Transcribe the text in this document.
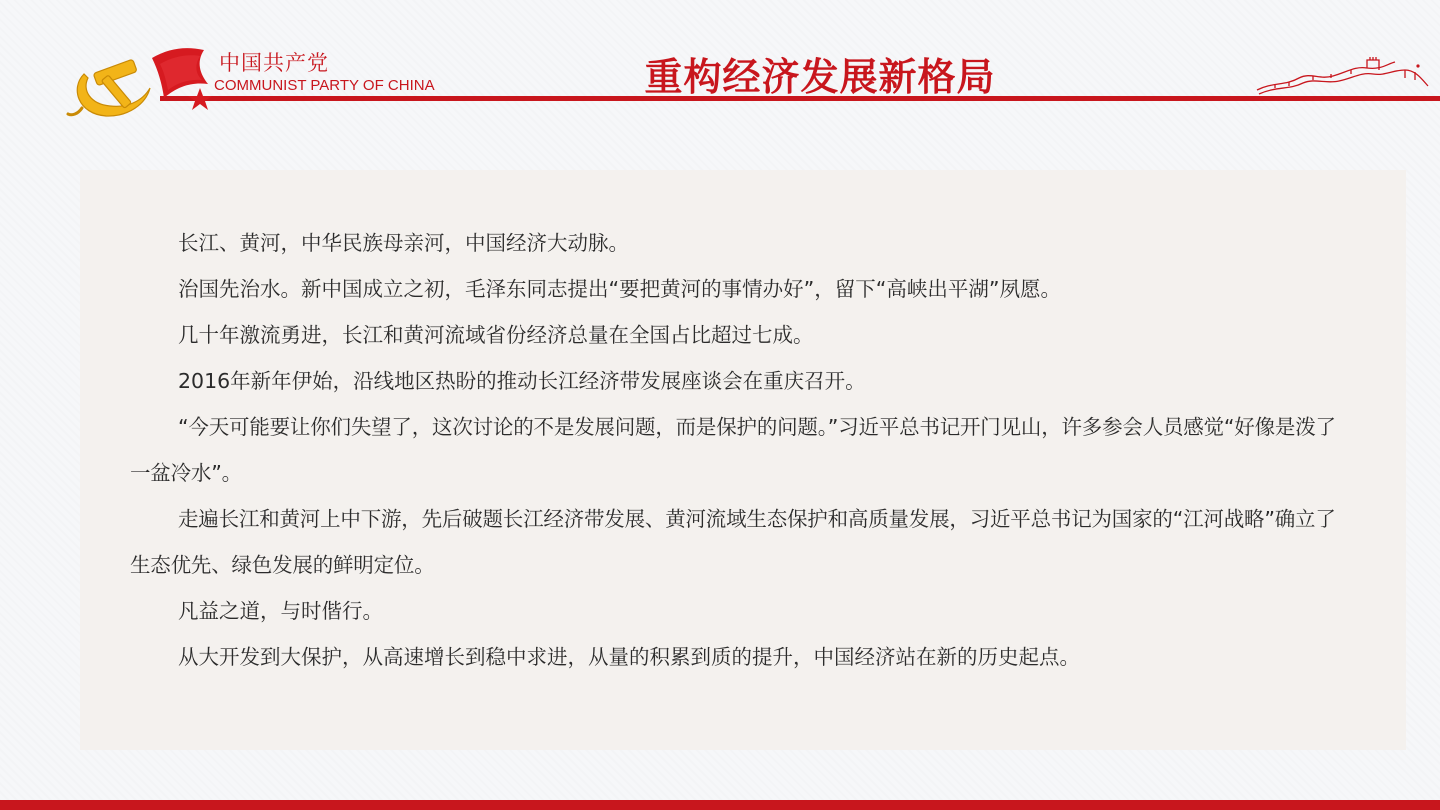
中国共产党
COMMUNIST PARTY OF CHINA	重构经济发展新格局

长江、黄河，中华民族母亲河，中国经济大动脉。

治国先治水。新中国成立之初，毛泽东同志提出“要把黄河的事情办好”，留下“高峡出平湖”夙愿。

几十年激流勇进，长江和黄河流域省份经济总量在全国占比超过七成。

2016年新年伊始，沿线地区热盼的推动长江经济带发展座谈会在重庆召开。

“今天可能要让你们失望了，这次讨论的不是发展问题，而是保护的问题。”习近平总书记开门见山，许多参会人员感觉“好像是泼了一盆冷水”。

走遍长江和黄河上中下游，先后破题长江经济带发展、黄河流域生态保护和高质量发展，习近平总书记为国家的“江河战略”确立了生态优先、绿色发展的鲜明定位。

凡益之道，与时偕行。

从大开发到大保护，从高速增长到稳中求进，从量的积累到质的提升，中国经济站在新的历史起点。
